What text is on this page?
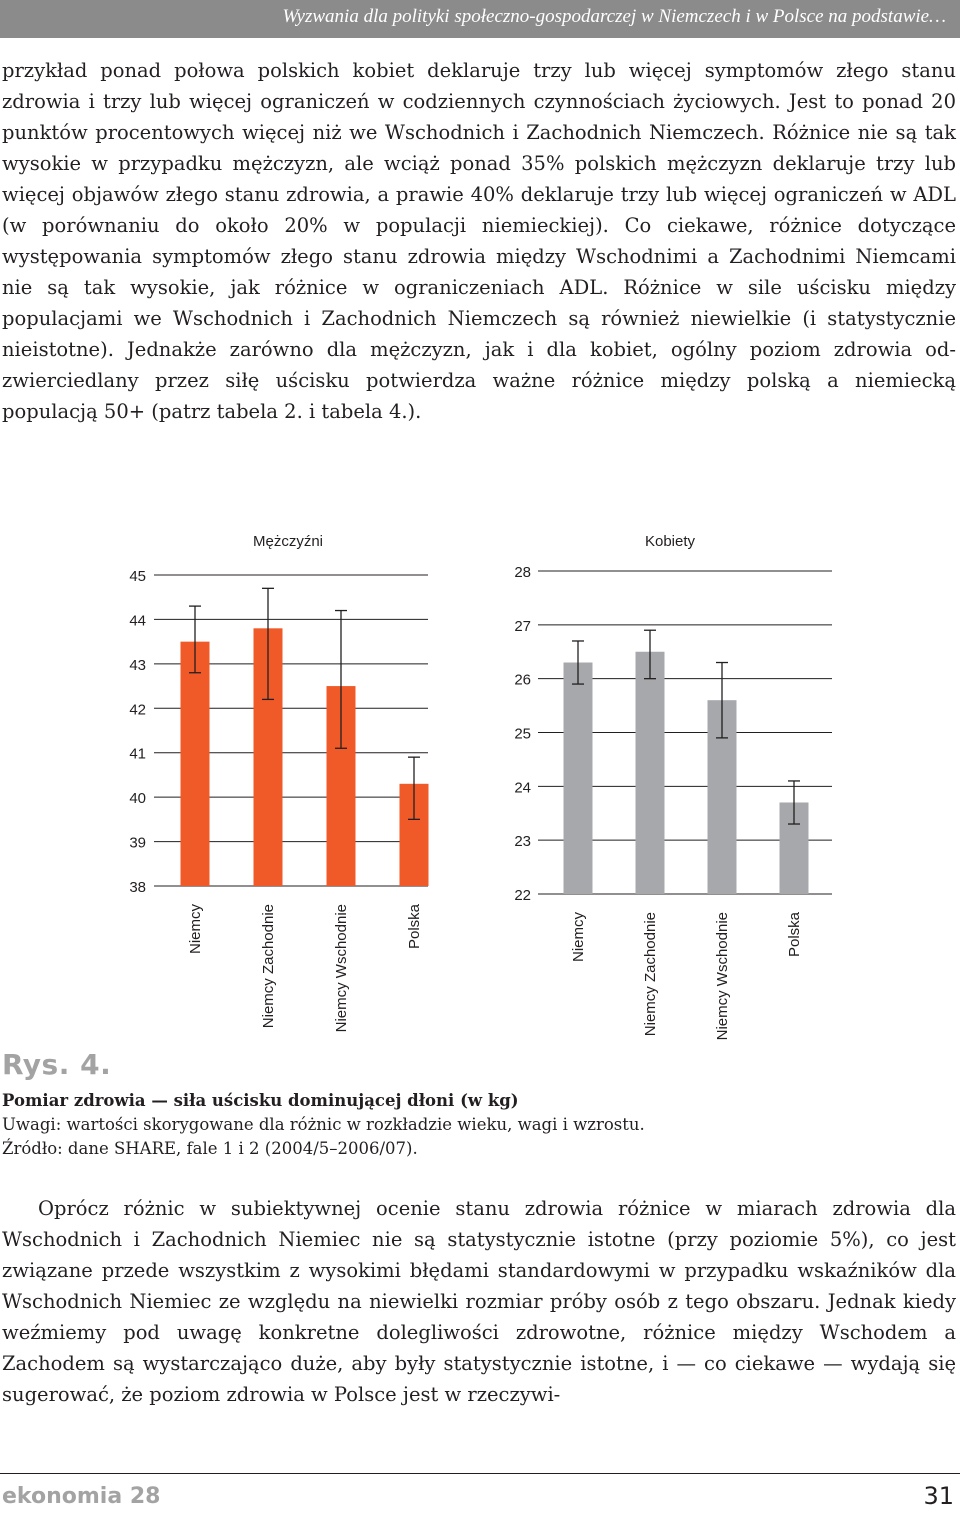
Wyzwania dla polityki społeczno-gospodarczej w Niemczech i w Polsce na podstawie…

przykład ponad połowa polskich kobiet deklaruje trzy lub więcej symptomów złego stanu zdrowia i trzy lub więcej ograniczeń w codziennych czynnościach życiowych. Jest to ponad 20 punktów procentowych więcej niż we Wschodnich i Zachodnich Niemczech. Różnice nie są tak wysokie w przypadku mężczyzn, ale wciąż ponad 35% polskich mężczyzn deklaruje trzy lub więcej objawów złego stanu zdrowia, a prawie 40% deklaruje trzy lub więcej ograniczeń w ADL (w porównaniu do około 20% w populacji niemieckiej). Co ciekawe, różnice dotyczące występowania symptomów złego stanu zdrowia między Wschodnimi a Zachodnimi Niemcami nie są tak wysokie, jak różnice w ograniczeniach ADL. Różnice w sile uścisku między populacjami we Wschodnich i Zachodnich Niemczech są również niewielkie (i statystycznie nieistotne). Jednakże zarówno dla mężczyzn, jak i dla kobiet, ogólny poziom zdrowia odzwierciedlany przez siłę uścisku potwierdza ważne różnice między polską a niemiecką populacją 50+ (patrz tabela 2. i tabela 4.).

Mężczyźni
38
39
40
41
42
43
44
45
Niemcy	Niemcy Zachodnie	Niemcy Wschodnie	Polska
Kobiety
22
23
24
25
26
27
28
Niemcy	Niemcy Zachodnie	Niemcy Wschodnie	Polska
Rys. 4.
Pomiar zdrowia — siła uścisku dominującej dłoni (w kg)
Uwagi: wartości skorygowane dla różnic w rozkładzie wieku, wagi i wzrostu.
Źródło: dane SHARE, fale 1 i 2 (2004/5–2006/07).

Oprócz różnic w subiektywnej ocenie stanu zdrowia różnice w miarach zdrowia dla Wschodnich i Zachodnich Niemiec nie są statystycznie istotne (przy poziomie 5%), co jest związane przede wszystkim z wysokimi błędami standardowymi w przypadku wskaźników dla Wschodnich Niemiec ze względu na niewielki rozmiar próby osób z tego obszaru. Jednak kiedy weźmiemy pod uwagę konkretne dolegliwości zdrowotne, różnice między Wschodem a Zachodem są wystarczająco duże, aby były statystycznie istotne, i — co ciekawe — wydają się sugerować, że poziom zdrowia w Polsce jest w rzeczywi-

ekonomia 28	31
